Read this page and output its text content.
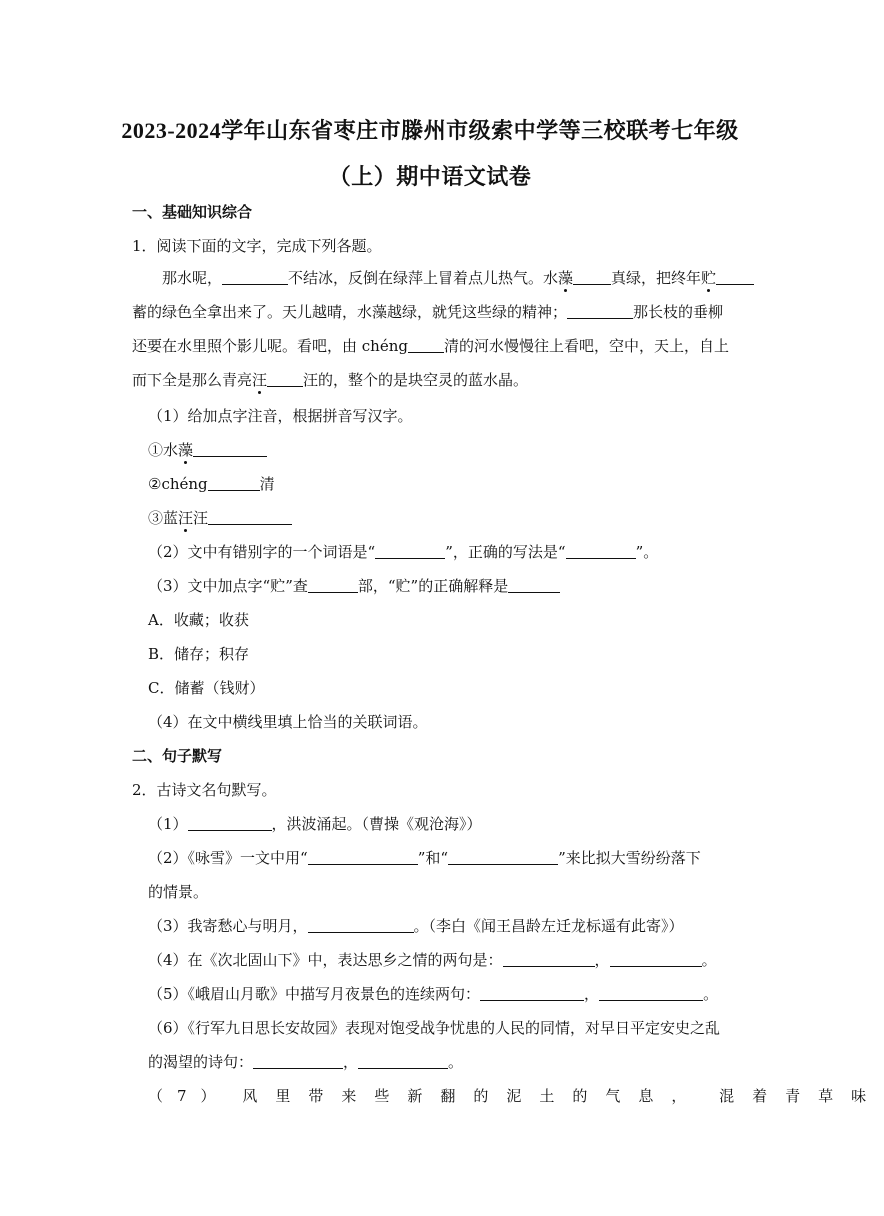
2023-2024学年山东省枣庄市滕州市级索中学等三校联考七年级
（上）期中语文试卷
一、基础知识综合
1．阅读下面的文字，完成下列各题。
那水呢，	不结冰，反倒在绿萍上冒着点儿热气。水藻	真绿，把终年贮
蓄的绿色全拿出来了。天儿越晴，水藻越绿，就凭这些绿的精神；	那长枝的垂柳
还要在水里照个影儿呢。看吧，由 chéng 清的河水慢慢往上看吧，空中，天上，自上
而下全是那么青亮汪 汪的，整个的是块空灵的蓝水晶。
（1）给加点字注音，根据拼音写汉字。
①水藻
②chéng	清
③蓝汪汪
（2）文中有错别字的一个词语是“	”，正确的写法是“	”。
（3）文中加点字“贮”查	部，“贮”的正确解释是
A．收藏；收获
B．储存；积存
C．储蓄（钱财）
（4）在文中横线里填上恰当的关联词语。
二、句子默写
2．古诗文名句默写。
（1）	，洪波涌起。（曹操《观沧海》）
（2）《咏雪》一文中用“	”和“	”来比拟大雪纷纷落下
的情景。
（3）我寄愁心与明月，	。（李白《闻王昌龄左迁龙标遥有此寄》）
（4）在《次北固山下》中，表达思乡之情的两句是：	，	。
（5）《峨眉山月歌》中描写月夜景色的连续两句：	，	。
（6）《行军九日思长安故园》表现对饱受战争忧患的人民的同情，对早日平定安史之乱
的渴望的诗句：	，	。
（7） 风里带来些新翻的泥土的气息， 混着青草味
